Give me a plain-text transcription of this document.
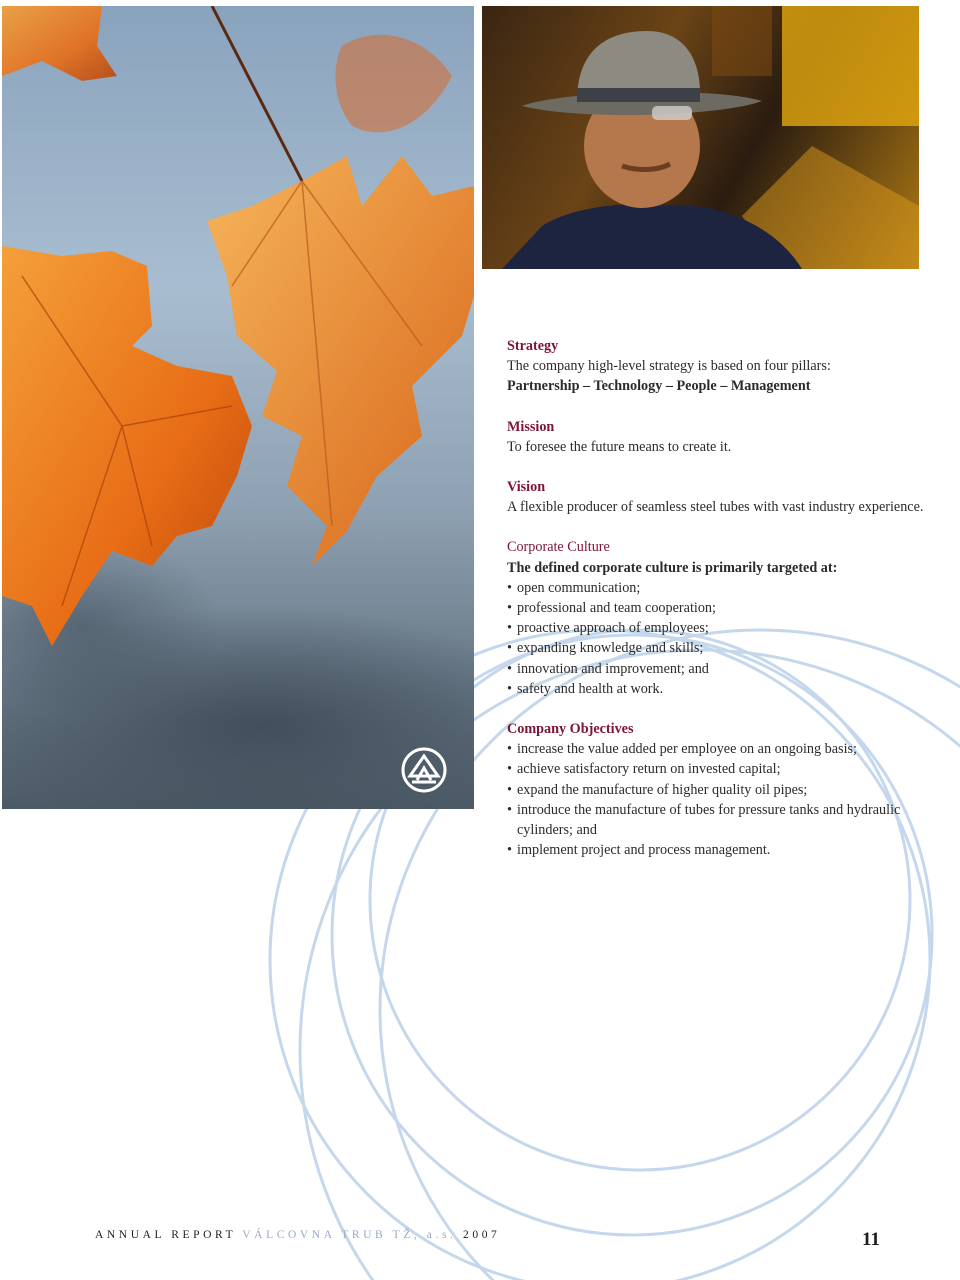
Strategy

The company high-level strategy is based on four pillars:

Partnership – Technology – People – Management

Mission

To foresee the future means to create it.

Vision

A flexible producer of seamless steel tubes with vast industry experience.

Corporate Culture

The defined corporate culture is primarily targeted at:

• open communication;
• professional and team cooperation;
• proactive approach of employees;
• expanding knowledge and skills;
• innovation and improvement; and
• safety and health at work.

Company Objectives

• increase the value added per employee on an ongoing basis;
• achieve satisfactory return on invested capital;
• expand the manufacture of higher quality oil pipes;
• introduce the manufacture of tubes for pressure tanks and hydraulic cylinders; and
• implement project and process management.
ANNUAL REPORT VÁLCOVNA TRUB TŽ, a.s. 2007	11
